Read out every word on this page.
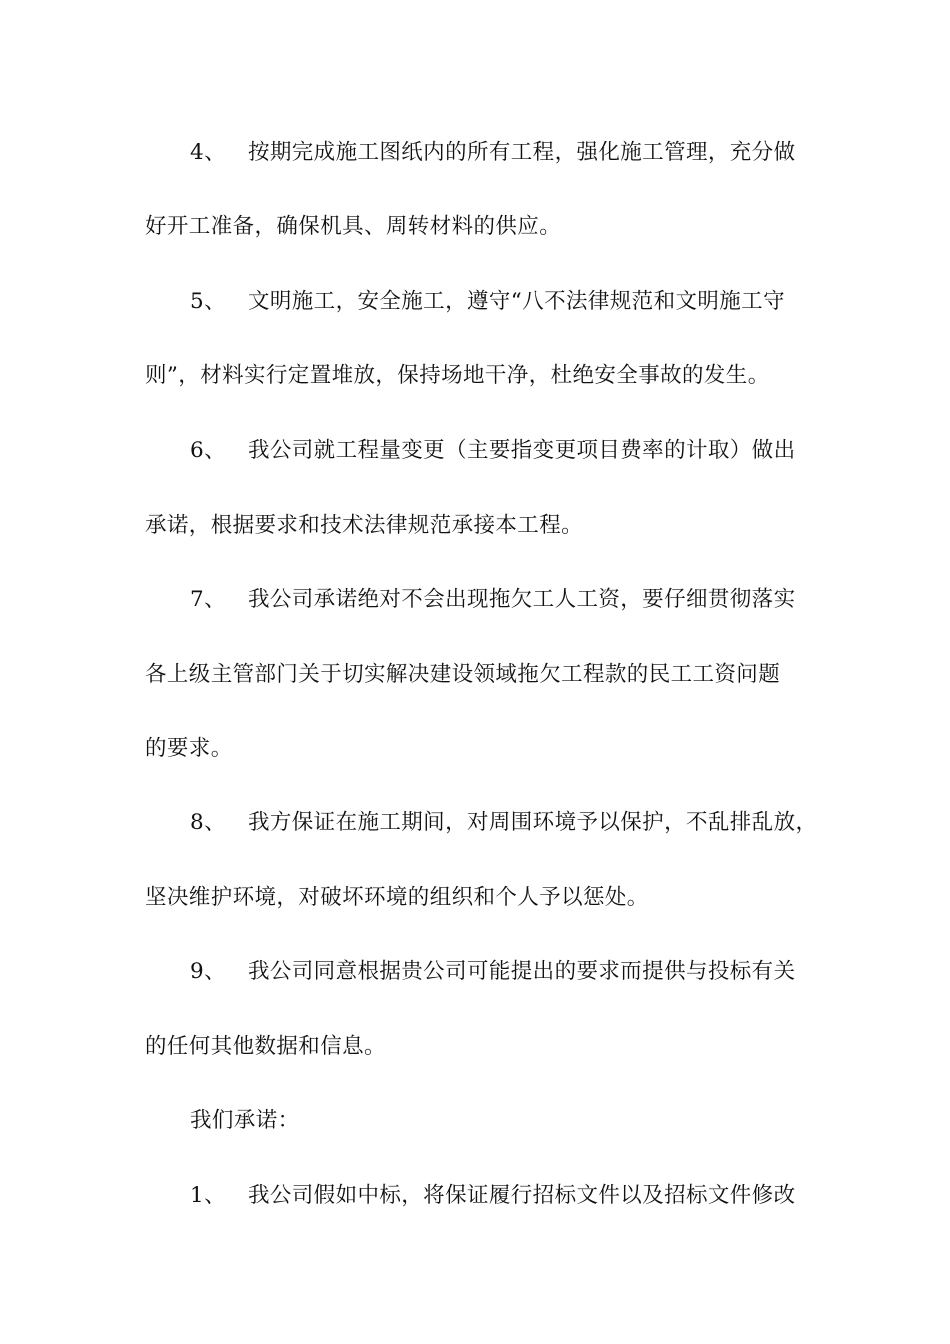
4、 按期完成施工图纸内的所有工程，强化施工管理，充分做
好开工准备，确保机具、周转材料的供应。
5、 文明施工，安全施工，遵守“八不法律规范和文明施工守
则”，材料实行定置堆放，保持场地干净，杜绝安全事故的发生。
6、 我公司就工程量变更（主要指变更项目费率的计取）做出
承诺，根据要求和技术法律规范承接本工程。
7、 我公司承诺绝对不会出现拖欠工人工资，要仔细贯彻落实
各上级主管部门关于切实解决建设领域拖欠工程款的民工工资问题
的要求。
8、 我方保证在施工期间，对周围环境予以保护，不乱排乱放，
坚决维护环境，对破坏环境的组织和个人予以惩处。
9、 我公司同意根据贵公司可能提出的要求而提供与投标有关
的任何其他数据和信息。
我们承诺：
1、 我公司假如中标，将保证履行招标文件以及招标文件修改
